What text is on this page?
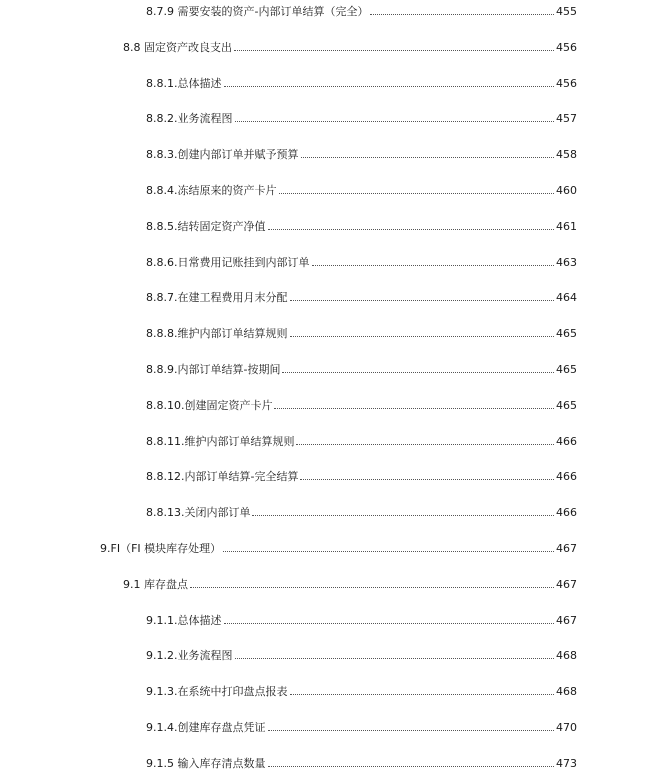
8.7.9 需要安装的资产-内部订单结算（完全）	455
8.8 固定资产改良支出	456
8.8.1.总体描述	456
8.8.2.业务流程图	457
8.8.3.创建内部订单并赋予预算	458
8.8.4.冻结原来的资产卡片	460
8.8.5.结转固定资产净值	461
8.8.6.日常费用记账挂到内部订单	463
8.8.7.在建工程费用月末分配	464
8.8.8.维护内部订单结算规则	465
8.8.9.内部订单结算-按期间	465
8.8.10.创建固定资产卡片	465
8.8.11.维护内部订单结算规则	466
8.8.12.内部订单结算-完全结算	466
8.8.13.关闭内部订单	466
9.FI（FI 模块库存处理）	467
9.1 库存盘点	467
9.1.1.总体描述	467
9.1.2.业务流程图	468
9.1.3.在系统中打印盘点报表	468
9.1.4.创建库存盘点凭证	470
9.1.5 输入库存清点数量	473
